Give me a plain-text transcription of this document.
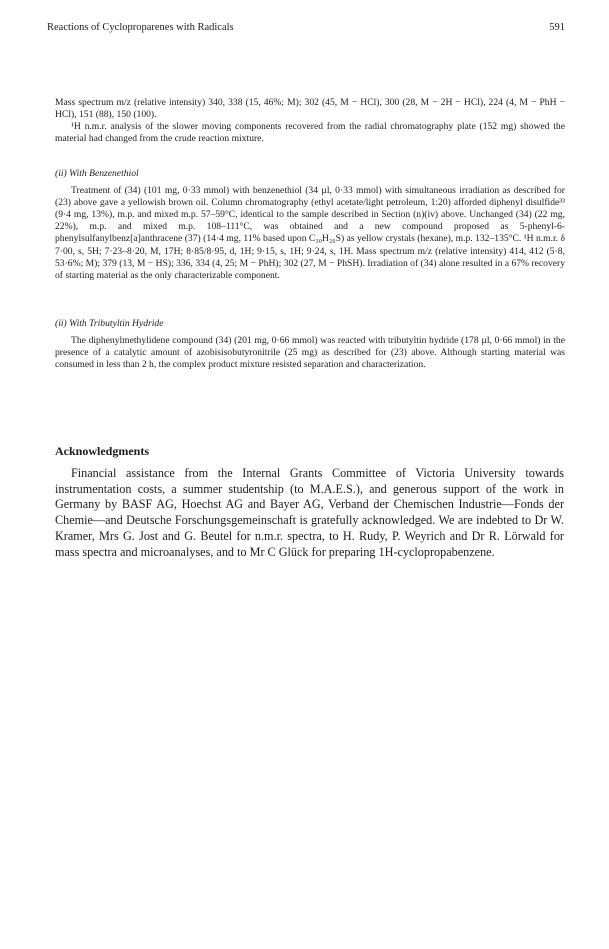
Reactions of Cycloproparenes with Radicals	591

Mass spectrum m/z (relative intensity) 340, 338 (15, 46%; M); 302 (45, M − HCl), 300 (28, M − 2H − HCl), 224 (4, M − PhH − HCl), 151 (88), 150 (100).

¹H n.m.r. analysis of the slower moving components recovered from the radial chromatography plate (152 mg) showed the material had changed from the crude reaction mixture.

(ii) With Benzenethiol

Treatment of (34) (101 mg, 0·33 mmol) with benzenethiol (34 µl, 0·33 mmol) with simultaneous irradiation as described for (23) above gave a yellowish brown oil. Column chromatography (ethyl acetate/light petroleum, 1:20) afforded diphenyl disulfide³³ (9·4 mg, 13%), m.p. and mixed m.p. 57–59°C, identical to the sample described in Section (n)(iv) above. Unchanged (34) (22 mg, 22%), m.p. and mixed m.p. 108–111°C, was obtained and a new compound proposed as 5-phenyl-6-phenylsulfanylbenz[a]anthracene (37) (14·4 mg, 11% based upon C₃₀H₂₀S) as yellow crystals (hexane), m.p. 132–135°C. ¹H n.m.r. δ 7·00, s, 5H; 7·23–8·20, M, 17H; 8·85/8·95, d, 1H; 9·15, s, 1H; 9·24, s, 1H. Mass spectrum m/z (relative intensity) 414, 412 (5·8, 53·6%; M); 379 (13, M − HS); 336, 334 (4, 25; M − PhH); 302 (27, M − PhSH). Irradiation of (34) alone resulted in a 67% recovery of starting material as the only characterizable component.

(ii) With Tributyltin Hydride

The diphenylmethylidene compound (34) (201 mg, 0·66 mmol) was reacted with tributyltin hydride (178 µl, 0·66 mmol) in the presence of a catalytic amount of azobisisobutyronitrile (25 mg) as described for (23) above. Although starting material was consumed in less than 2 h, the complex product mixture resisted separation and characterization.

Acknowledgments

Financial assistance from the Internal Grants Committee of Victoria University towards instrumentation costs, a summer studentship (to M.A.E.S.), and generous support of the work in Germany by BASF AG, Hoechst AG and Bayer AG, Verband der Chemischen Industrie—Fonds der Chemie—and Deutsche Forschungsgemeinschaft is gratefully acknowledged. We are indebted to Dr W. Kramer, Mrs G. Jost and G. Beutel for n.m.r. spectra, to H. Rudy, P. Weyrich and Dr R. Lörwald for mass spectra and microanalyses, and to Mr C Glück for preparing 1H-cyclopropabenzene.
